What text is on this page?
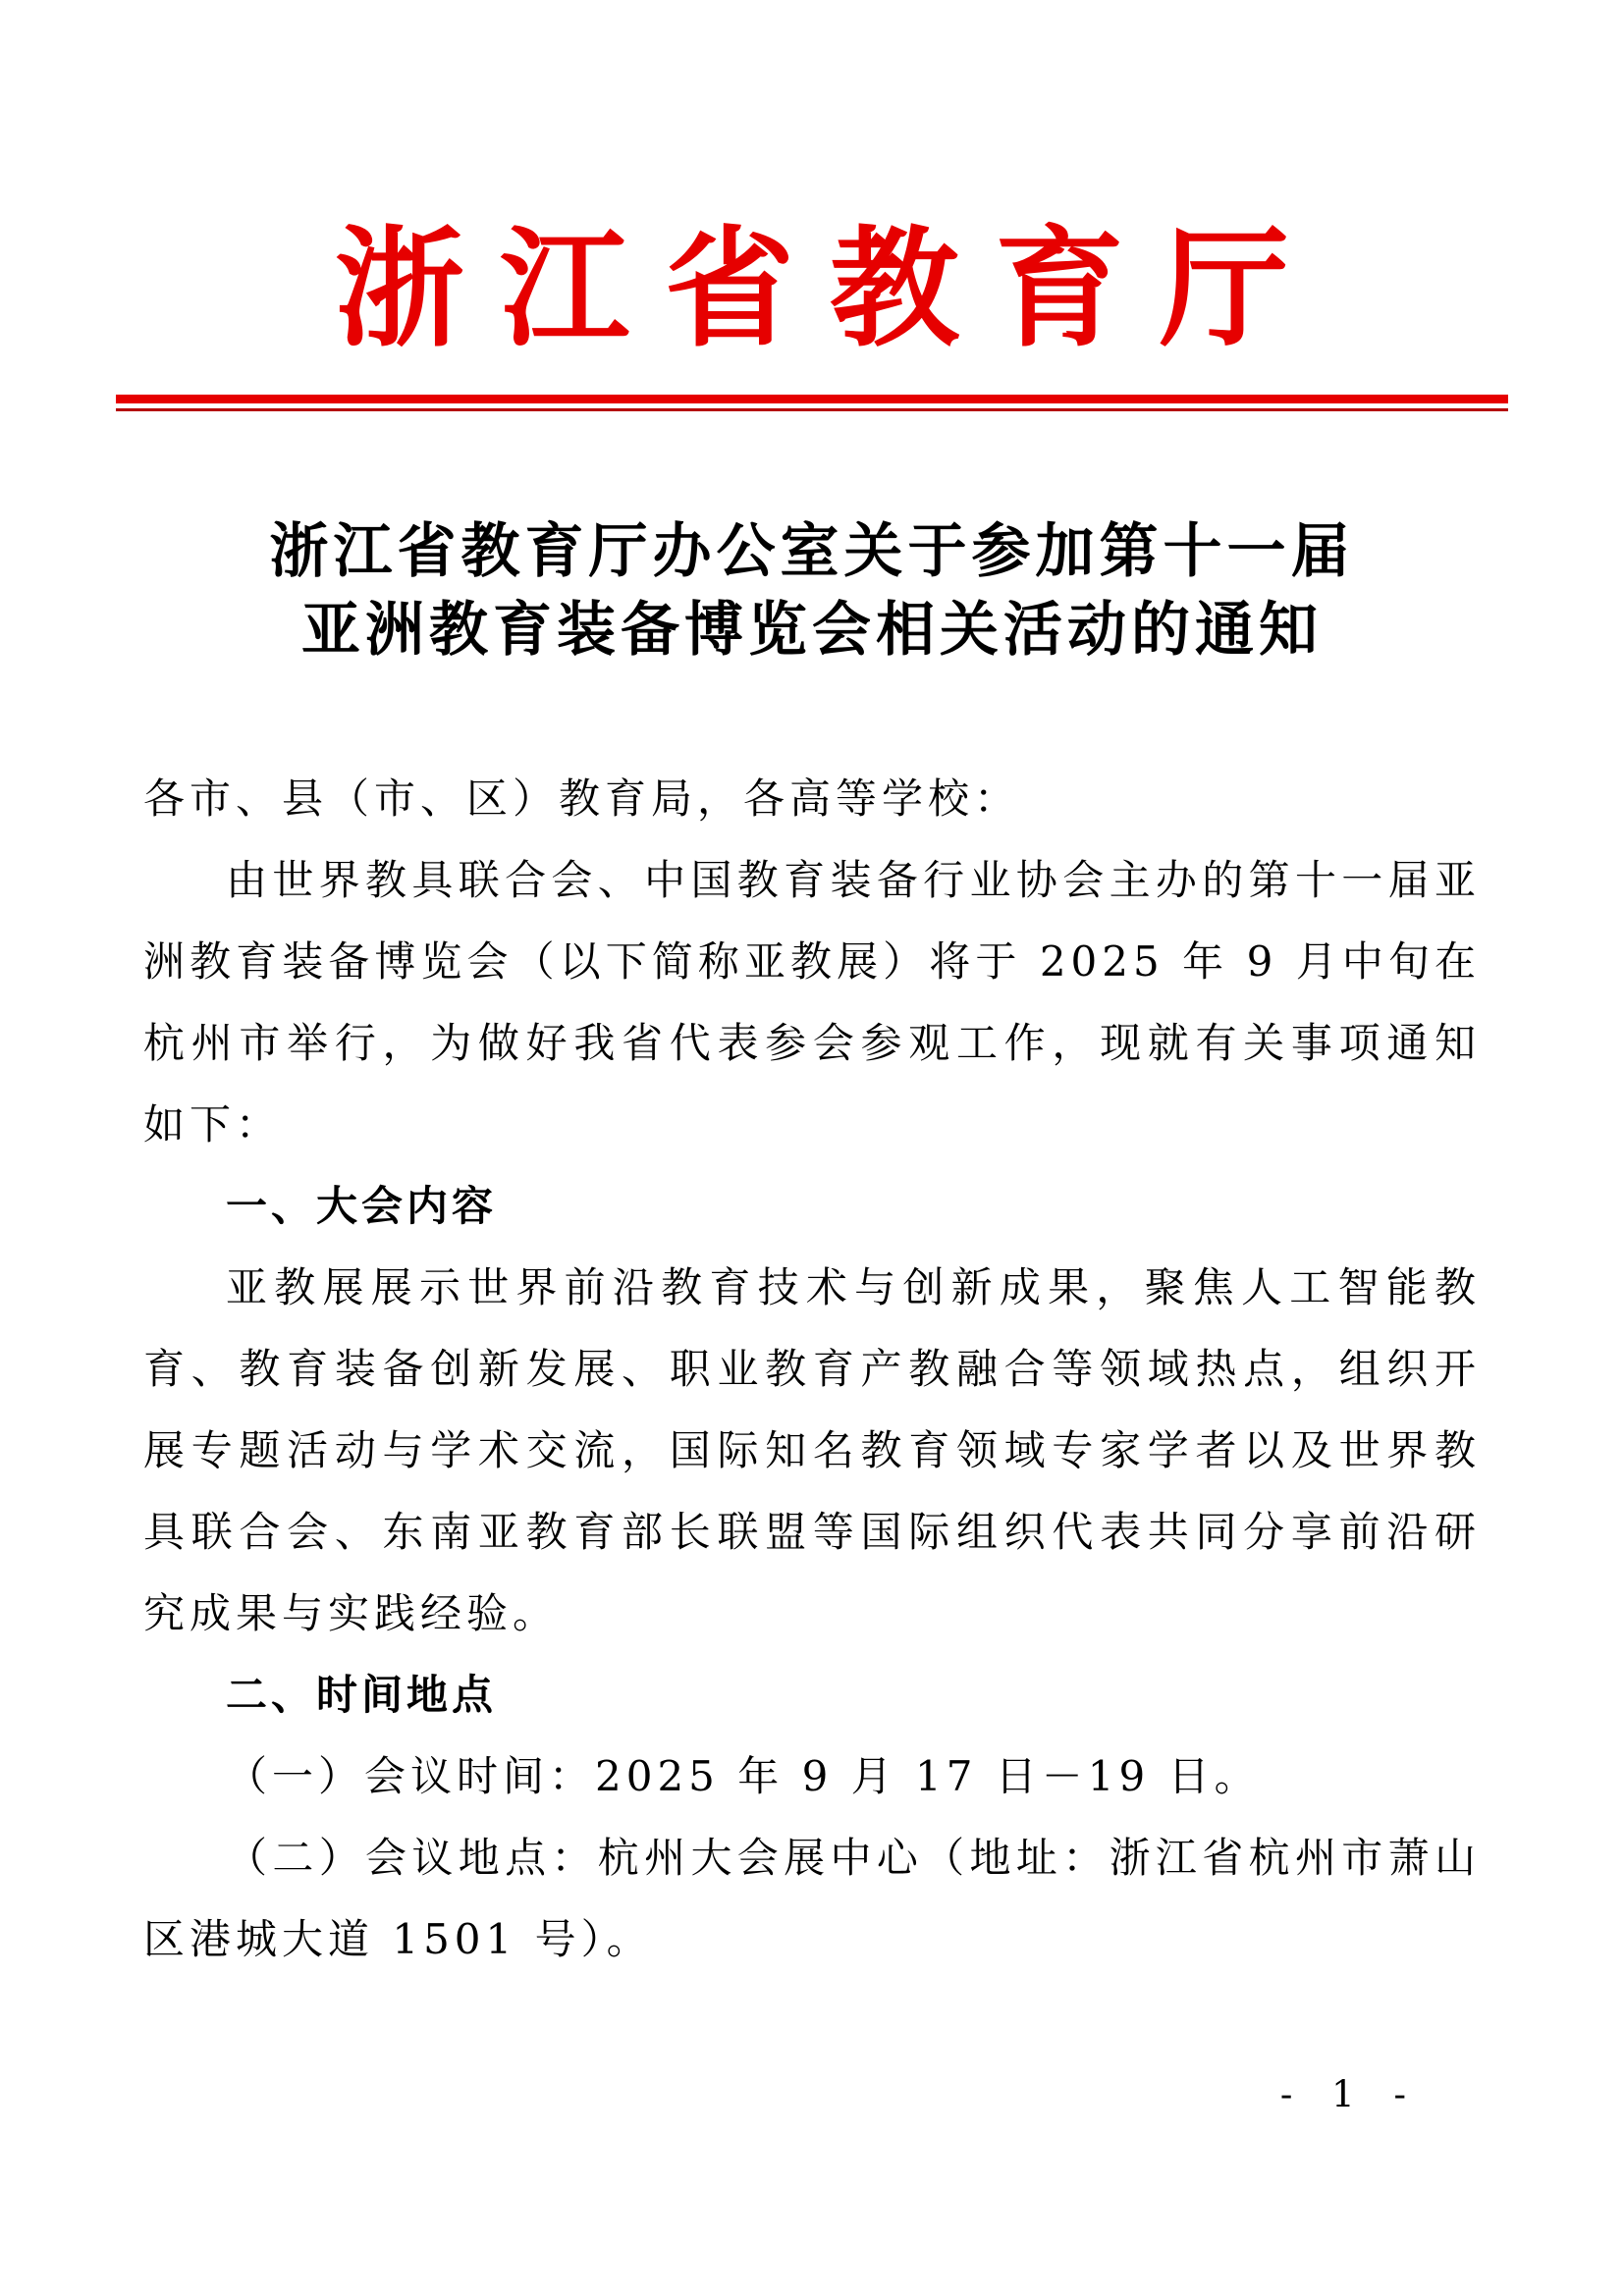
浙江省教育厅
浙江省教育厅办公室关于参加第十一届
亚洲教育装备博览会相关活动的通知

各市、县（市、区）教育局，各高等学校：

由世界教具联合会、中国教育装备行业协会主办的第十一届亚洲教育装备博览会（以下简称亚教展）将于 2025 年 9 月中旬在杭州市举行，为做好我省代表参会参观工作，现就有关事项通知如下：

一、大会内容

亚教展展示世界前沿教育技术与创新成果，聚焦人工智能教育、教育装备创新发展、职业教育产教融合等领域热点，组织开展专题活动与学术交流，国际知名教育领域专家学者以及世界教具联合会、东南亚教育部长联盟等国际组织代表共同分享前沿研究成果与实践经验。

二、时间地点

（一）会议时间：2025 年 9 月 17 日－19 日。

（二）会议地点：杭州大会展中心（地址：浙江省杭州市萧山区港城大道 1501 号）。

- 1 -
